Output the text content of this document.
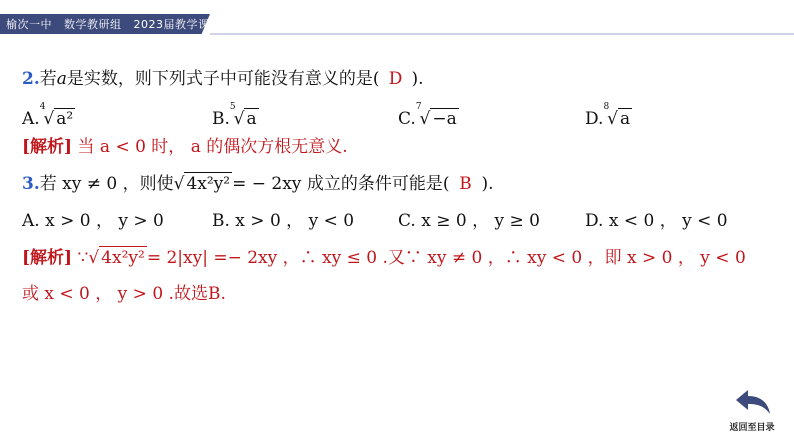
榆次一中   数学教研组   2023届教学课件
2.若a是实数，则下列式子中可能没有意义的是( D ).
A.$^4$√ a²	B.$^5$√ a	C.$^7$√ −a	D.$^8$√ a
[解析] 当 a < 0 时， a 的偶次方根无意义.
3.若 xy ≠ 0 ，则使√ 4x²y² = − 2xy 成立的条件可能是( B ).
A. x > 0 ， y > 0	B. x > 0 ， y < 0	C. x ≥ 0 ， y ≥ 0	D. x < 0 ， y < 0
[解析] ∵√ 4x²y² = 2|xy| =− 2xy ，∴ xy ≤ 0 .又∵ xy ≠ 0 ，∴ xy < 0 ，即 x > 0 ， y < 0
或 x < 0 ， y > 0 .故选B.
返回至目录
